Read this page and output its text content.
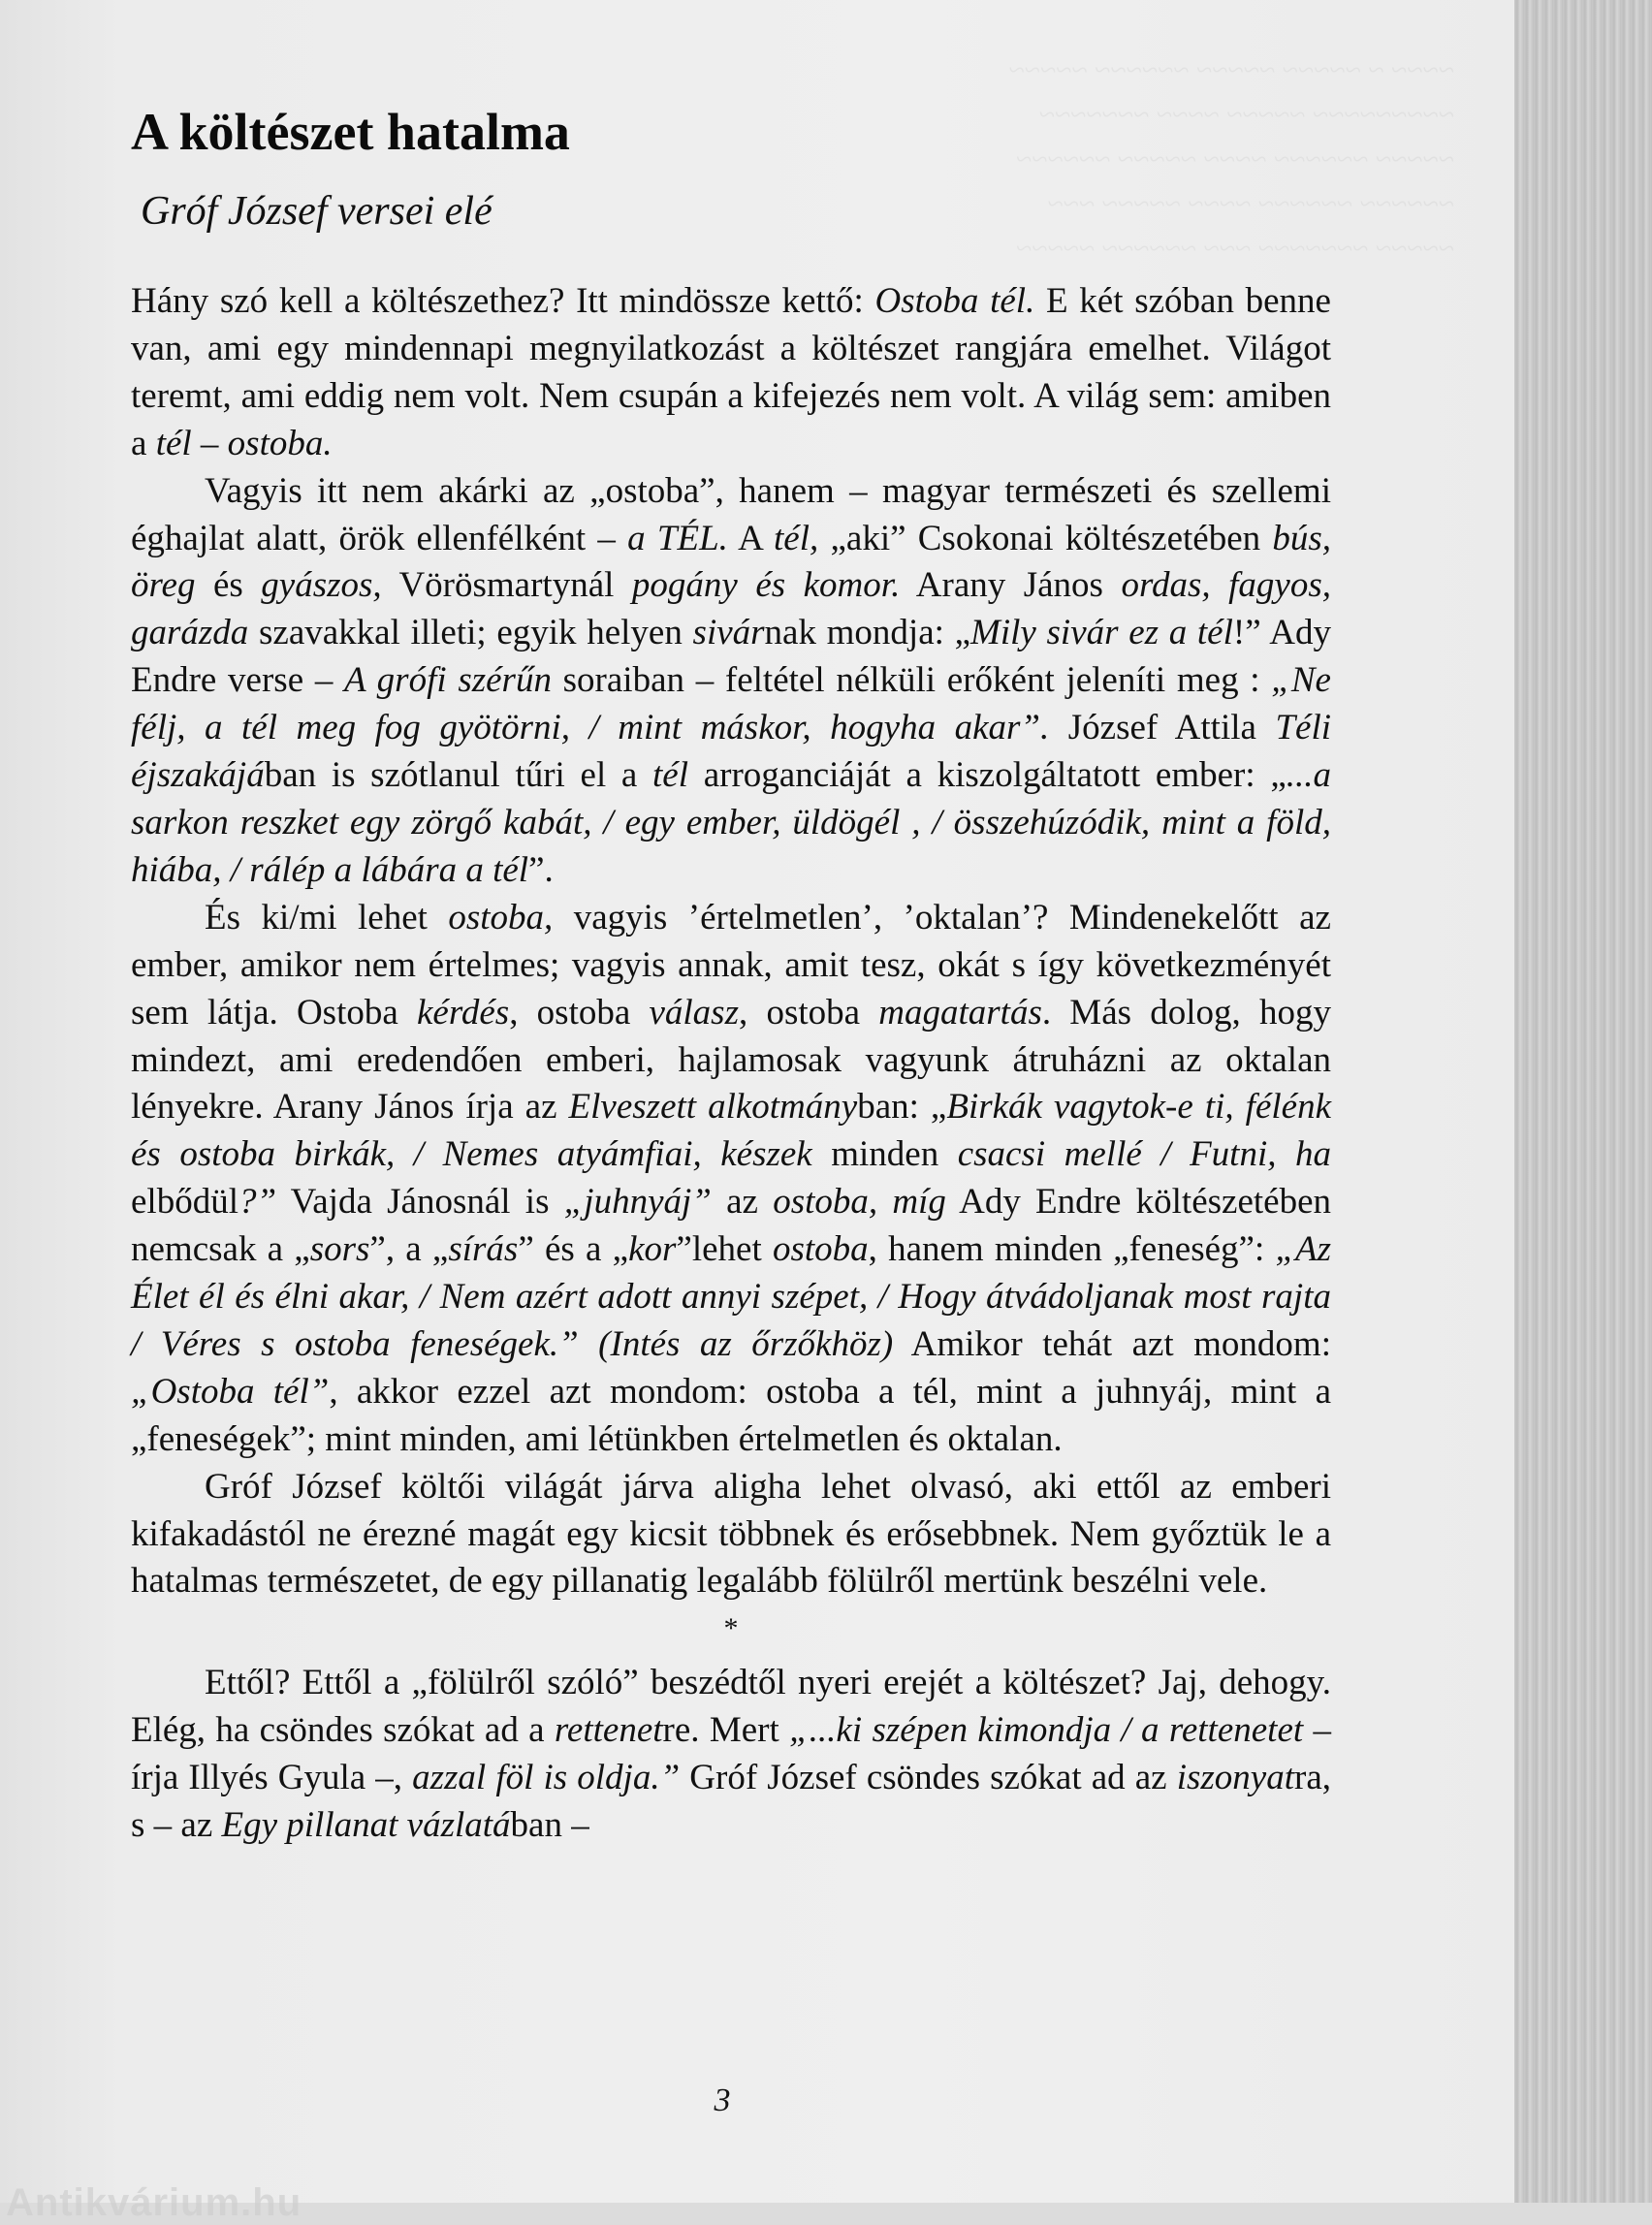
~~~~ ~ ~~~~~ ~~~~~ ~~~~~~ ~~~~~
~~~~~~~~~ ~~~~~ ~~~~ ~~~~~~~
~~~~~ ~~~~~~ ~~~~ ~~~~~ ~~~~~~
~~~~~~ ~~~~~~ ~~~~ ~~~~~ ~~~
~~~~~ ~~~~~~~ ~~~ ~~~~~~ ~~~~~
A költészet hatalma
Gróf József versei elé

Hány szó kell a költészethez? Itt mindössze kettő: Ostoba tél. E két szóban benne van, ami egy mindennapi megnyilatkozást a költészet rangjára emelhet. Világot teremt, ami eddig nem volt. Nem csupán a kifejezés nem volt. A világ sem: amiben a tél – ostoba.

Vagyis itt nem akárki az „ostoba”, hanem – magyar természeti és szellemi éghajlat alatt, örök ellenfélként – a TÉL. A tél, „aki” Csokonai költészetében bús, öreg és gyászos, Vörösmartynál pogány és komor. Arany János ordas, fagyos, garázda szavakkal illeti; egyik helyen sivárnak mondja: „Mily sivár ez a tél!” Ady Endre verse – A grófi szérűn soraiban – feltétel nélküli erőként jeleníti meg : „Ne félj, a tél meg fog gyötörni, / mint máskor, hogyha akar”. József Attila Téli éjszakájában is szótlanul tűri el a tél arroganciáját a kiszolgáltatott ember: „...a sarkon reszket egy zörgő kabát, / egy ember, üldögél , / összehúzódik, mint a föld, hiába, / rálép a lábára a tél”.

És ki/mi lehet ostoba, vagyis ’értelmetlen’, ’oktalan’? Mindenekelőtt az ember, amikor nem értelmes; vagyis annak, amit tesz, okát s így következményét sem látja. Ostoba kérdés, ostoba válasz, ostoba magatartás. Más dolog, hogy mindezt, ami eredendően emberi, hajlamosak vagyunk átruházni az oktalan lényekre. Arany János írja az Elveszett alkotmányban: „Birkák vagytok-e ti, félénk és ostoba birkák, / Nemes atyámfiai, készek minden csacsi mellé / Futni, ha elbődül?” Vajda Jánosnál is „juhnyáj” az ostoba, míg Ady Endre költészetében nemcsak a „sors”, a „sírás” és a „kor”lehet ostoba, hanem minden „feneség”: „Az Élet él és élni akar, / Nem azért adott annyi szépet, / Hogy átvádoljanak most rajta / Véres s ostoba feneségek.” (Intés az őrzőkhöz) Amikor tehát azt mondom: „Ostoba tél”, akkor ezzel azt mondom: ostoba a tél, mint a juhnyáj, mint a „feneségek”; mint minden, ami létünkben értelmetlen és oktalan.

Gróf József költői világát járva aligha lehet olvasó, aki ettől az emberi kifakadástól ne érezné magát egy kicsit többnek és erősebbnek. Nem győztük le a hatalmas természetet, de egy pillanatig legalább fölülről mertünk beszélni vele.

*

Ettől? Ettől a „fölülről szóló” beszédtől nyeri erejét a költészet? Jaj, dehogy. Elég, ha csöndes szókat ad a rettenetre. Mert „...ki szépen kimondja / a rettenetet – írja Illyés Gyula –, azzal föl is oldja.” Gróf József csöndes szókat ad az iszonyatra, s – az Egy pillanat vázlatában –

3
Antikvárium.hu
